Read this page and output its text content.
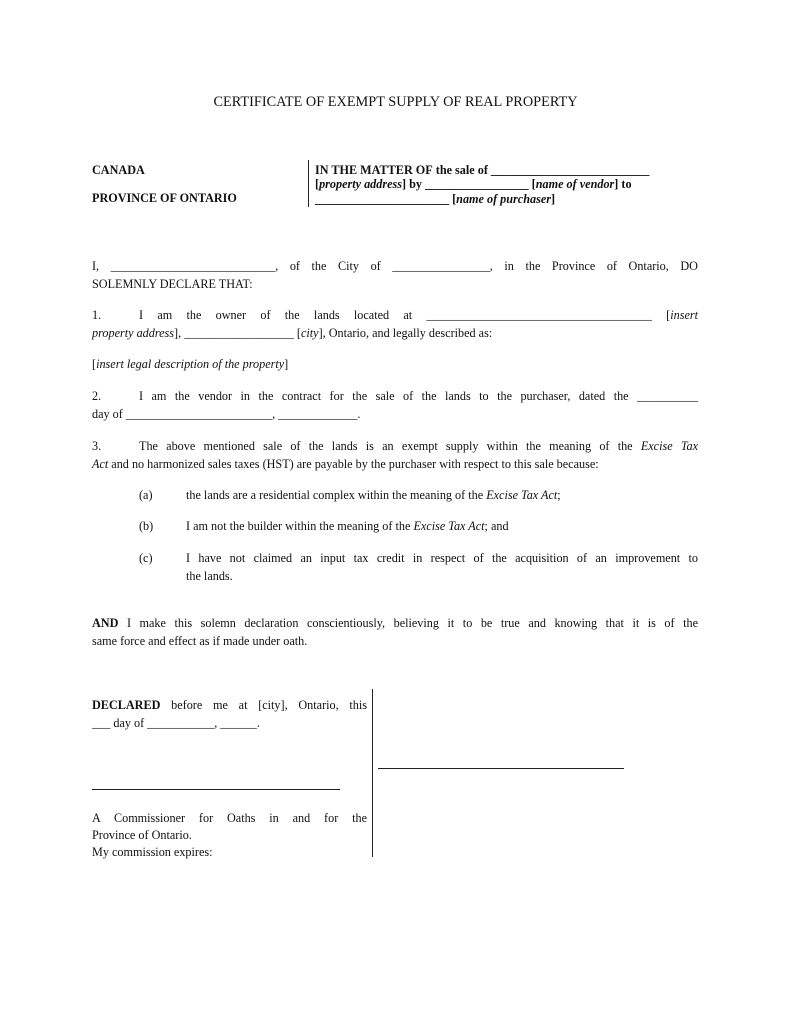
CERTIFICATE OF EXEMPT SUPPLY OF REAL PROPERTY
CANADA
PROVINCE OF ONTARIO
IN THE MATTER OF the sale of __________________________
[property address] by _________________ [name of vendor] to
______________________ [name of purchaser]
I, ___________________________, of the City of ________________, in the Province of Ontario, DO
SOLEMNLY DECLARE THAT:
1.	I am the owner of the lands located at _____________________________________ [insert
property address], __________________ [city], Ontario, and legally described as:
[insert legal description of the property]
2.	I am the vendor in the contract for the sale of the lands to the purchaser, dated the __________
day of ________________________, _____________.
3.	The above mentioned sale of the lands is an exempt supply within the meaning of the Excise Tax
Act and no harmonized sales taxes (HST) are payable by the purchaser with respect to this sale because:
(a)	the lands are a residential complex within the meaning of the Excise Tax Act;
(b)	I am not the builder within the meaning of the Excise Tax Act; and
(c)	I have not claimed an input tax credit in respect of the acquisition of an improvement to
the lands.
AND I make this solemn declaration conscientiously, believing it to be true and knowing that it is of the
same force and effect as if made under oath.
DECLARED before me at [city], Ontario, this
___ day of ___________, ______.
A Commissioner for Oaths in and for the
Province of Ontario.
My commission expires:
